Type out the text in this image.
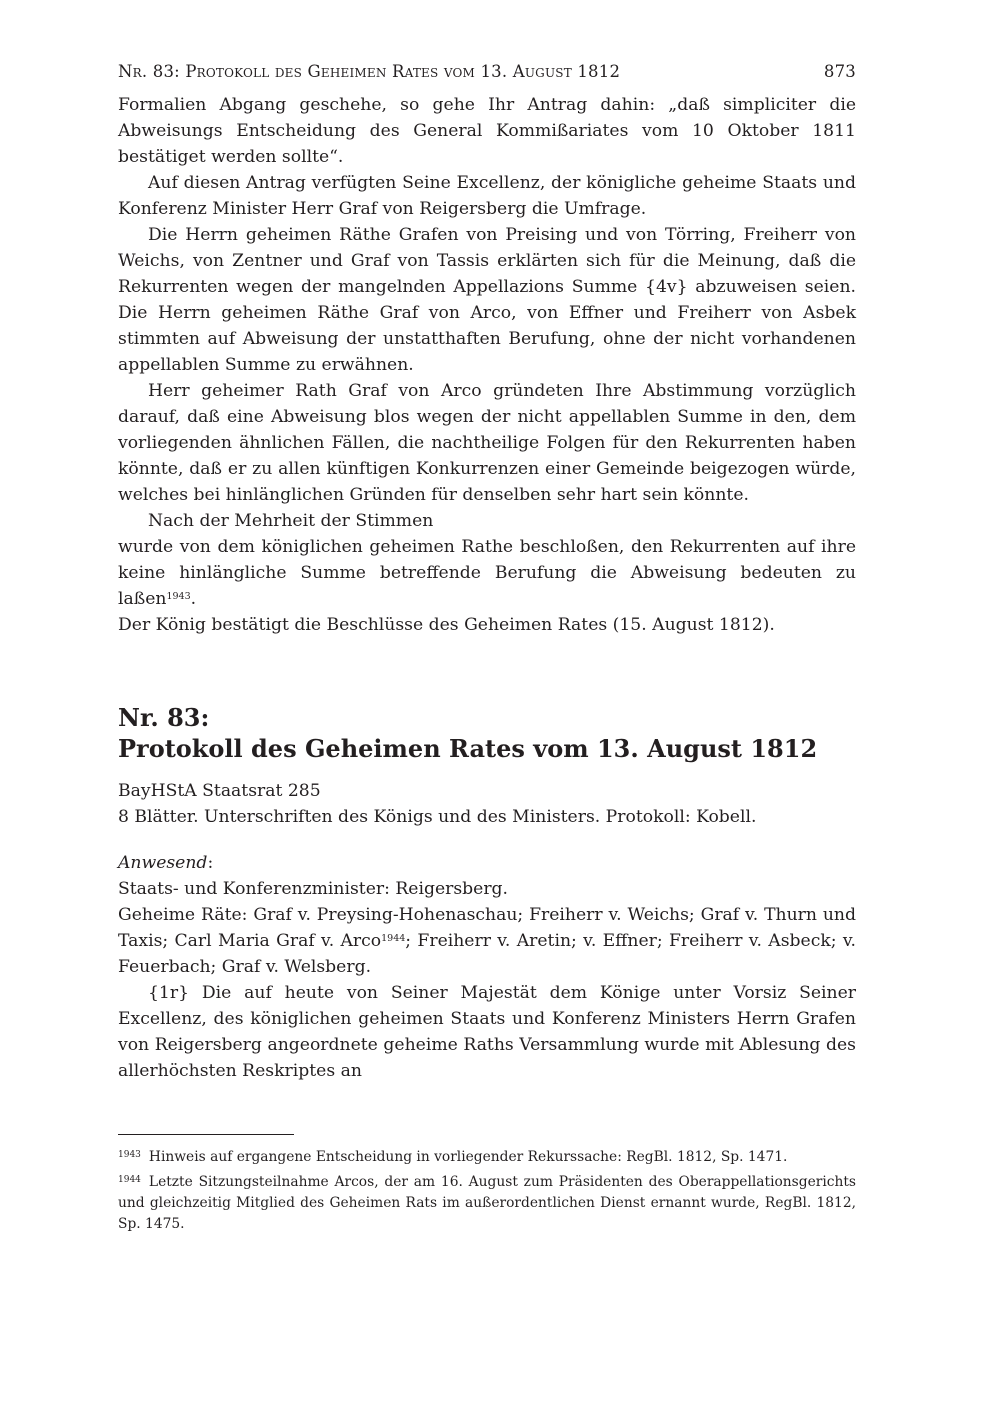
Nr. 83: Protokoll des Geheimen Rates vom 13. August 1812	873

Formalien Abgang geschehe, so gehe Ihr Antrag dahin: „daß simpliciter die Abweisungs Entscheidung des General Kommißariates vom 10 Oktober 1811 bestätiget werden sollte“.

Auf diesen Antrag verfügten Seine Excellenz, der königliche geheime Staats und Konferenz Minister Herr Graf von Reigersberg die Umfrage.

Die Herrn geheimen Räthe Grafen von Preising und von Törring, Freiherr von Weichs, von Zentner und Graf von Tassis erklärten sich für die Meinung, daß die Rekurrenten wegen der mangelnden Appellazions Summe {4v} abzuweisen seien. Die Herrn geheimen Räthe Graf von Arco, von Effner und Freiherr von Asbek stimmten auf Abweisung der unstatthaften Berufung, ohne der nicht vorhandenen appellablen Summe zu erwähnen.

Herr geheimer Rath Graf von Arco gründeten Ihre Abstimmung vorzüglich darauf, daß eine Abweisung blos wegen der nicht appellablen Summe in den, dem vorliegenden ähnlichen Fällen, die nachtheilige Folgen für den Rekurrenten haben könnte, daß er zu allen künftigen Konkurrenzen einer Gemeinde beigezogen würde, welches bei hinlänglichen Gründen für denselben sehr hart sein könnte.

Nach der Mehrheit der Stimmen

wurde von dem königlichen geheimen Rathe beschloßen, den Rekurrenten auf ihre keine hinlängliche Summe betreffende Berufung die Abweisung bedeuten zu laßen$^{1943}$.

Der König bestätigt die Beschlüsse des Geheimen Rates (15. August 1812).

Nr. 83:
Protokoll des Geheimen Rates vom 13. August 1812

BayHStA Staatsrat 285

8 Blätter. Unterschriften des Königs und des Ministers. Protokoll: Kobell.

Anwesend:

Staats- und Konferenzminister: Reigersberg.

Geheime Räte: Graf v. Preysing-Hohenaschau; Freiherr v. Weichs; Graf v. Thurn und Taxis; Carl Maria Graf v. Arco$^{1944}$; Freiherr v. Aretin; v. Effner; Freiherr v. Asbeck; v. Feuerbach; Graf v. Welsberg.

{1r} Die auf heute von Seiner Majestät dem Könige unter Vorsiz Seiner Excellenz, des königlichen geheimen Staats und Konferenz Ministers Herrn Grafen von Reigersberg angeordnete geheime Raths Versammlung wurde mit Ablesung des allerhöchsten Reskriptes an

$^{1943}$ Hinweis auf ergangene Entscheidung in vorliegender Rekurssache: RegBl. 1812, Sp. 1471.

$^{1944}$ Letzte Sitzungsteilnahme Arcos, der am 16. August zum Präsidenten des Oberappellationsgerichts und gleichzeitig Mitglied des Geheimen Rats im außerordentlichen Dienst ernannt wurde, RegBl. 1812, Sp. 1475.
